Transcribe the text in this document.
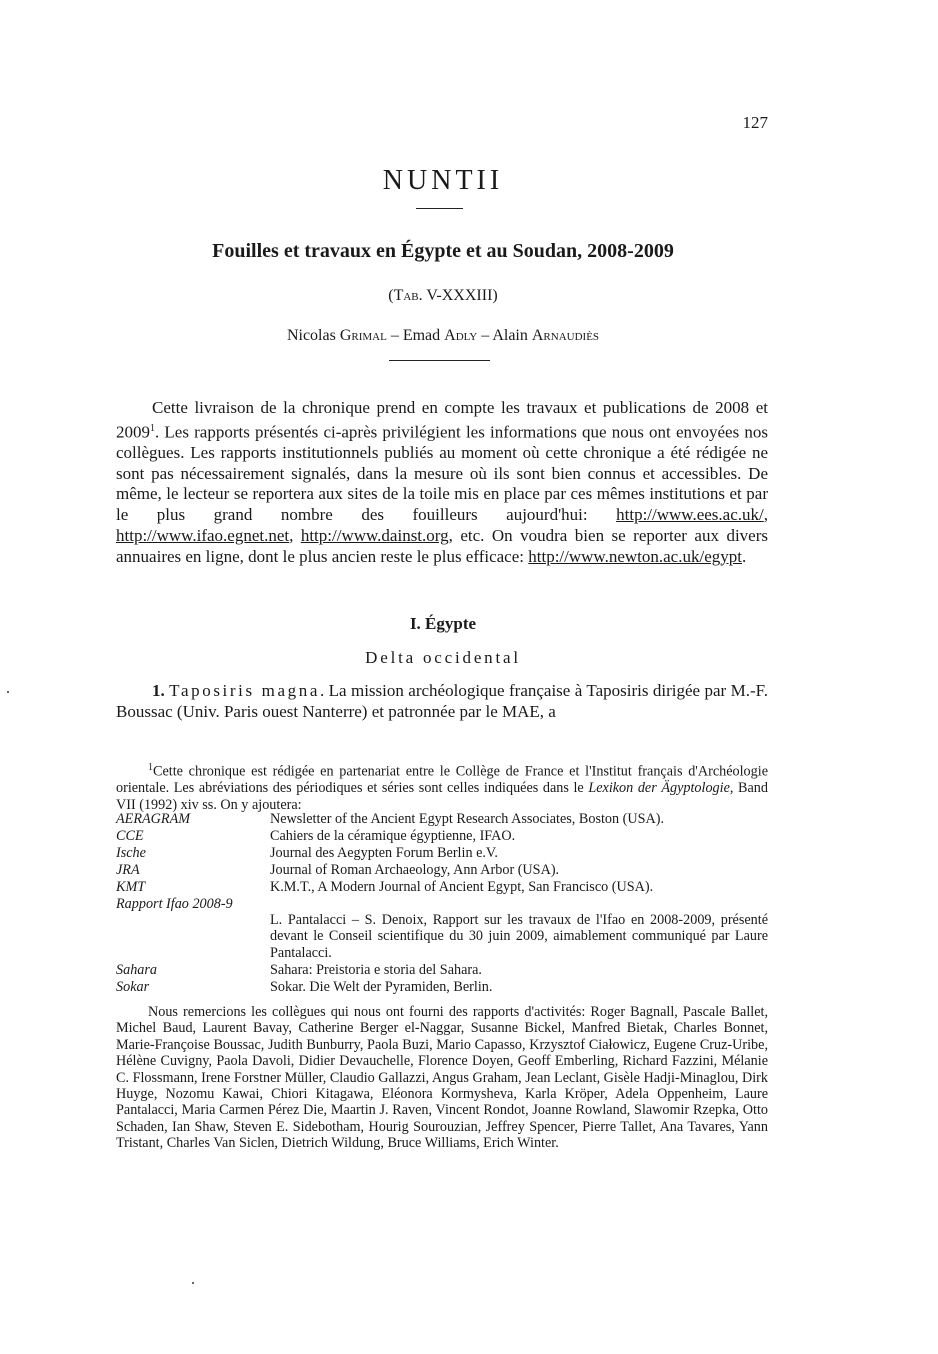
127
NUNTII
Fouilles et travaux en Égypte et au Soudan, 2008-2009
(Tab. V-XXXIII)
Nicolas Grimal – Emad Adly – Alain Arnaudiès
Cette livraison de la chronique prend en compte les travaux et publications de 2008 et 2009$^1$. Les rapports présentés ci-après privilégient les informations que nous ont envoyées nos collègues. Les rapports institutionnels publiés au moment où cette chronique a été rédigée ne sont pas nécessairement signalés, dans la mesure où ils sont bien connus et accessibles. De même, le lecteur se reportera aux sites de la toile mis en place par ces mêmes institutions et par le plus grand nombre des fouilleurs aujourd'hui: http://www.ees.ac.uk/, http://www.ifao.egnet.net, http://www.dainst.org, etc. On voudra bien se reporter aux divers annuaires en ligne, dont le plus ancien reste le plus efficace: http://www.newton.ac.uk/egypt.
I. Égypte
Delta occidental
1. Taposiris magna. La mission archéologique française à Taposiris dirigée par M.-F. Boussac (Univ. Paris ouest Nanterre) et patronnée par le MAE, a
$^1$Cette chronique est rédigée en partenariat entre le Collège de France et l'Institut français d'Archéologie orientale. Les abréviations des périodiques et séries sont celles indiquées dans le Lexikon der Ägyptologie, Band VII (1992) xiv ss. On y ajoutera:
AERAGRAM	Newsletter of the Ancient Egypt Research Associates, Boston (USA).
CCE	Cahiers de la céramique égyptienne, IFAO.
Ische	Journal des Aegypten Forum Berlin e.V.
JRA	Journal of Roman Archaeology, Ann Arbor (USA).
KMT	K.M.T., A Modern Journal of Ancient Egypt, San Francisco (USA).
Rapport Ifao 2008-9
L. Pantalacci – S. Denoix, Rapport sur les travaux de l'Ifao en 2008-2009, présenté devant le Conseil scientifique du 30 juin 2009, aimablement communiqué par Laure Pantalacci.
Sahara	Sahara: Preistoria e storia del Sahara.
Sokar	Sokar. Die Welt der Pyramiden, Berlin.
Nous remercions les collègues qui nous ont fourni des rapports d'activités: Roger Bagnall, Pascale Ballet, Michel Baud, Laurent Bavay, Catherine Berger el-Naggar, Susanne Bickel, Manfred Bietak, Charles Bonnet, Marie-Françoise Boussac, Judith Bunburry, Paola Buzi, Mario Capasso, Krzysztof Ciałowicz, Eugene Cruz-Uribe, Hélène Cuvigny, Paola Davoli, Didier Devauchelle, Florence Doyen, Geoff Emberling, Richard Fazzini, Mélanie C. Flossmann, Irene Forstner Müller, Claudio Gallazzi, Angus Graham, Jean Leclant, Gisèle Hadji-Minaglou, Dirk Huyge, Nozomu Kawai, Chiori Kitagawa, Eléonora Kormysheva, Karla Kröper, Adela Oppenheim, Laure Pantalacci, Maria Carmen Pérez Die, Maartin J. Raven, Vincent Rondot, Joanne Rowland, Slawomir Rzepka, Otto Schaden, Ian Shaw, Steven E. Sidebotham, Hourig Sourouzian, Jeffrey Spencer, Pierre Tallet, Ana Tavares, Yann Tristant, Charles Van Siclen, Dietrich Wildung, Bruce Williams, Erich Winter.
